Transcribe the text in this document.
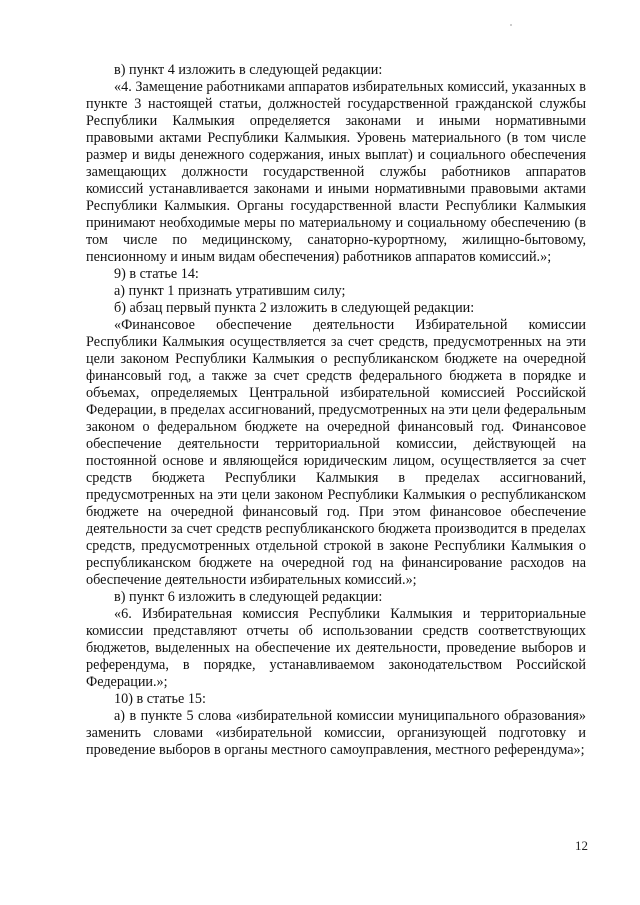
в) пункт 4 изложить в следующей редакции:

«4. Замещение работниками аппаратов избирательных комиссий, указанных в пункте 3 настоящей статьи, должностей государственной гражданской службы Республики Калмыкия определяется законами и иными нормативными правовыми актами Республики Калмыкия. Уровень материального (в том числе размер и виды денежного содержания, иных выплат) и социального обеспечения замещающих должности государственной службы работников аппаратов комиссий устанавливается законами и иными нормативными правовыми актами Республики Калмыкия. Органы государственной власти Республики Калмыкия принимают необходимые меры по материальному и социальному обеспечению (в том числе по медицинскому, санаторно-курортному, жилищно-бытовому, пенсионному и иным видам обеспечения) работников аппаратов комиссий.»;

9) в статье 14:

а) пункт 1 признать утратившим силу;

б) абзац первый пункта 2 изложить в следующей редакции:

«Финансовое обеспечение деятельности Избирательной комиссии Республики Калмыкия осуществляется за счет средств, предусмотренных на эти цели законом Республики Калмыкия о республиканском бюджете на очередной финансовый год, а также за счет средств федерального бюджета в порядке и объемах, определяемых Центральной избирательной комиссией Российской Федерации, в пределах ассигнований, предусмотренных на эти цели федеральным законом о федеральном бюджете на очередной финансовый год. Финансовое обеспечение деятельности территориальной комиссии, действующей на постоянной основе и являющейся юридическим лицом, осуществляется за счет средств бюджета Республики Калмыкия в пределах ассигнований, предусмотренных на эти цели законом Республики Калмыкия о республиканском бюджете на очередной финансовый год. При этом финансовое обеспечение деятельности за счет средств республиканского бюджета производится в пределах средств, предусмотренных отдельной строкой в законе Республики Калмыкия о республиканском бюджете на очередной год на финансирование расходов на обеспечение деятельности избирательных комиссий.»;

в) пункт 6 изложить в следующей редакции:

«6. Избирательная комиссия Республики Калмыкия и территориальные комиссии представляют отчеты об использовании средств соответствующих бюджетов, выделенных на обеспечение их деятельности, проведение выборов и референдума, в порядке, устанавливаемом законодательством Российской Федерации.»;

10) в статье 15:

а) в пункте 5 слова «избирательной комиссии муниципального образования» заменить словами «избирательной комиссии, организующей подготовку и проведение выборов в органы местного самоуправления, местного референдума»;

12
